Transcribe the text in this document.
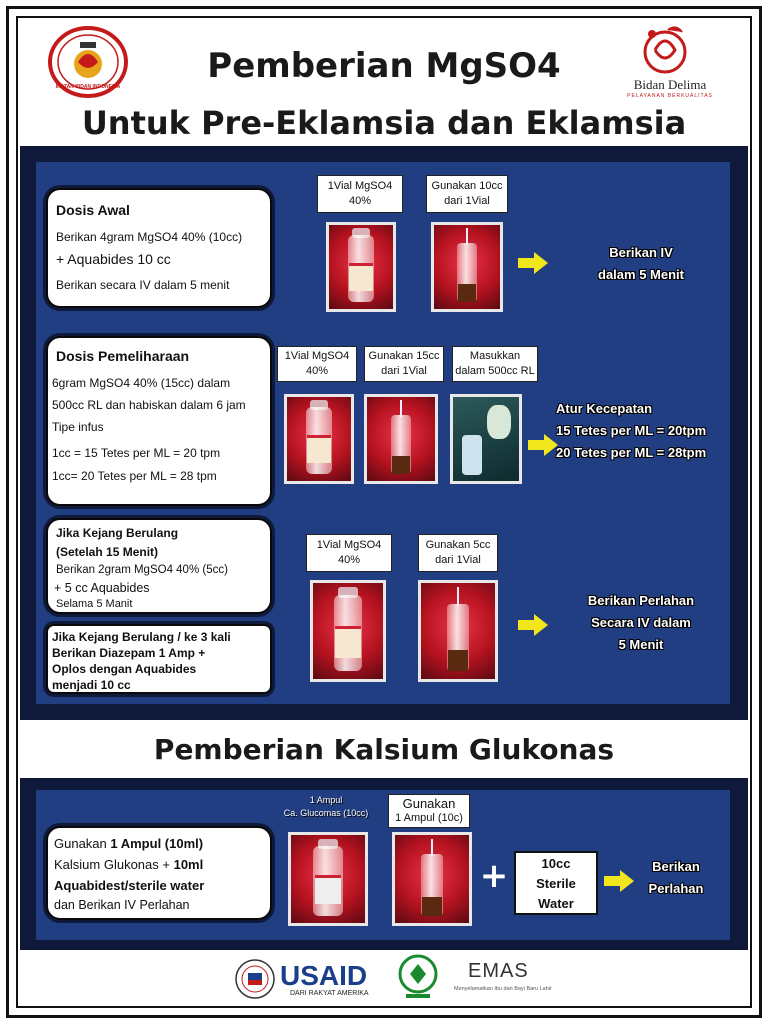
IKATAN BIDAN INDONESIA	Bidan Delima
PELAYANAN BERKUALITAS
Pemberian MgSO4
Untuk Pre-Eklamsia dan Eklamsia
Dosis Awal
Berikan 4gram MgSO4 40% (10cc)
+ Aquabides 10 cc
Berikan secara IV dalam 5 menit
1Vial MgSO4
40%
Gunakan 10cc
dari 1Vial
Berikan IV
dalam 5 Menit
Dosis Pemeliharaan
6gram MgSO4 40% (15cc) dalam
500cc RL dan habiskan dalam 6 jam
Tipe infus
1cc = 15 Tetes per ML = 20 tpm
1cc= 20 Tetes per ML = 28 tpm
1Vial MgSO4
40%
Gunakan 15cc
dari 1Vial
Masukkan
dalam 500cc RL
Atur Kecepatan
15 Tetes per ML = 20tpm
20 Tetes per ML = 28tpm
Jika Kejang Berulang
(Setelah 15 Menit)
Berikan 2gram MgSO4 40% (5cc)
+ 5 cc Aquabides
Selama 5 Manit
Jika Kejang Berulang / ke 3 kali
Berikan Diazepam 1 Amp +
Oplos dengan Aquabides
menjadi 10 cc
1Vial MgSO4
40%
Gunakan 5cc
dari 1Vial
Berikan Perlahan
Secara IV dalam
5 Menit
Pemberian Kalsium Glukonas
Gunakan 1 Ampul (10ml)
Kalsium Glukonas + 10ml
Aquabidest/sterile water
dan Berikan IV Perlahan
1 Ampul
Ca. Glucomas (10cc)
Gunakan
1 Ampul (10c)
+	10cc
Sterile
Water
Berikan
Perlahan
USAID
DARI RAKYAT AMERIKA
EMAS
Menyelamatkan Ibu dan Bayi Baru Lahir
